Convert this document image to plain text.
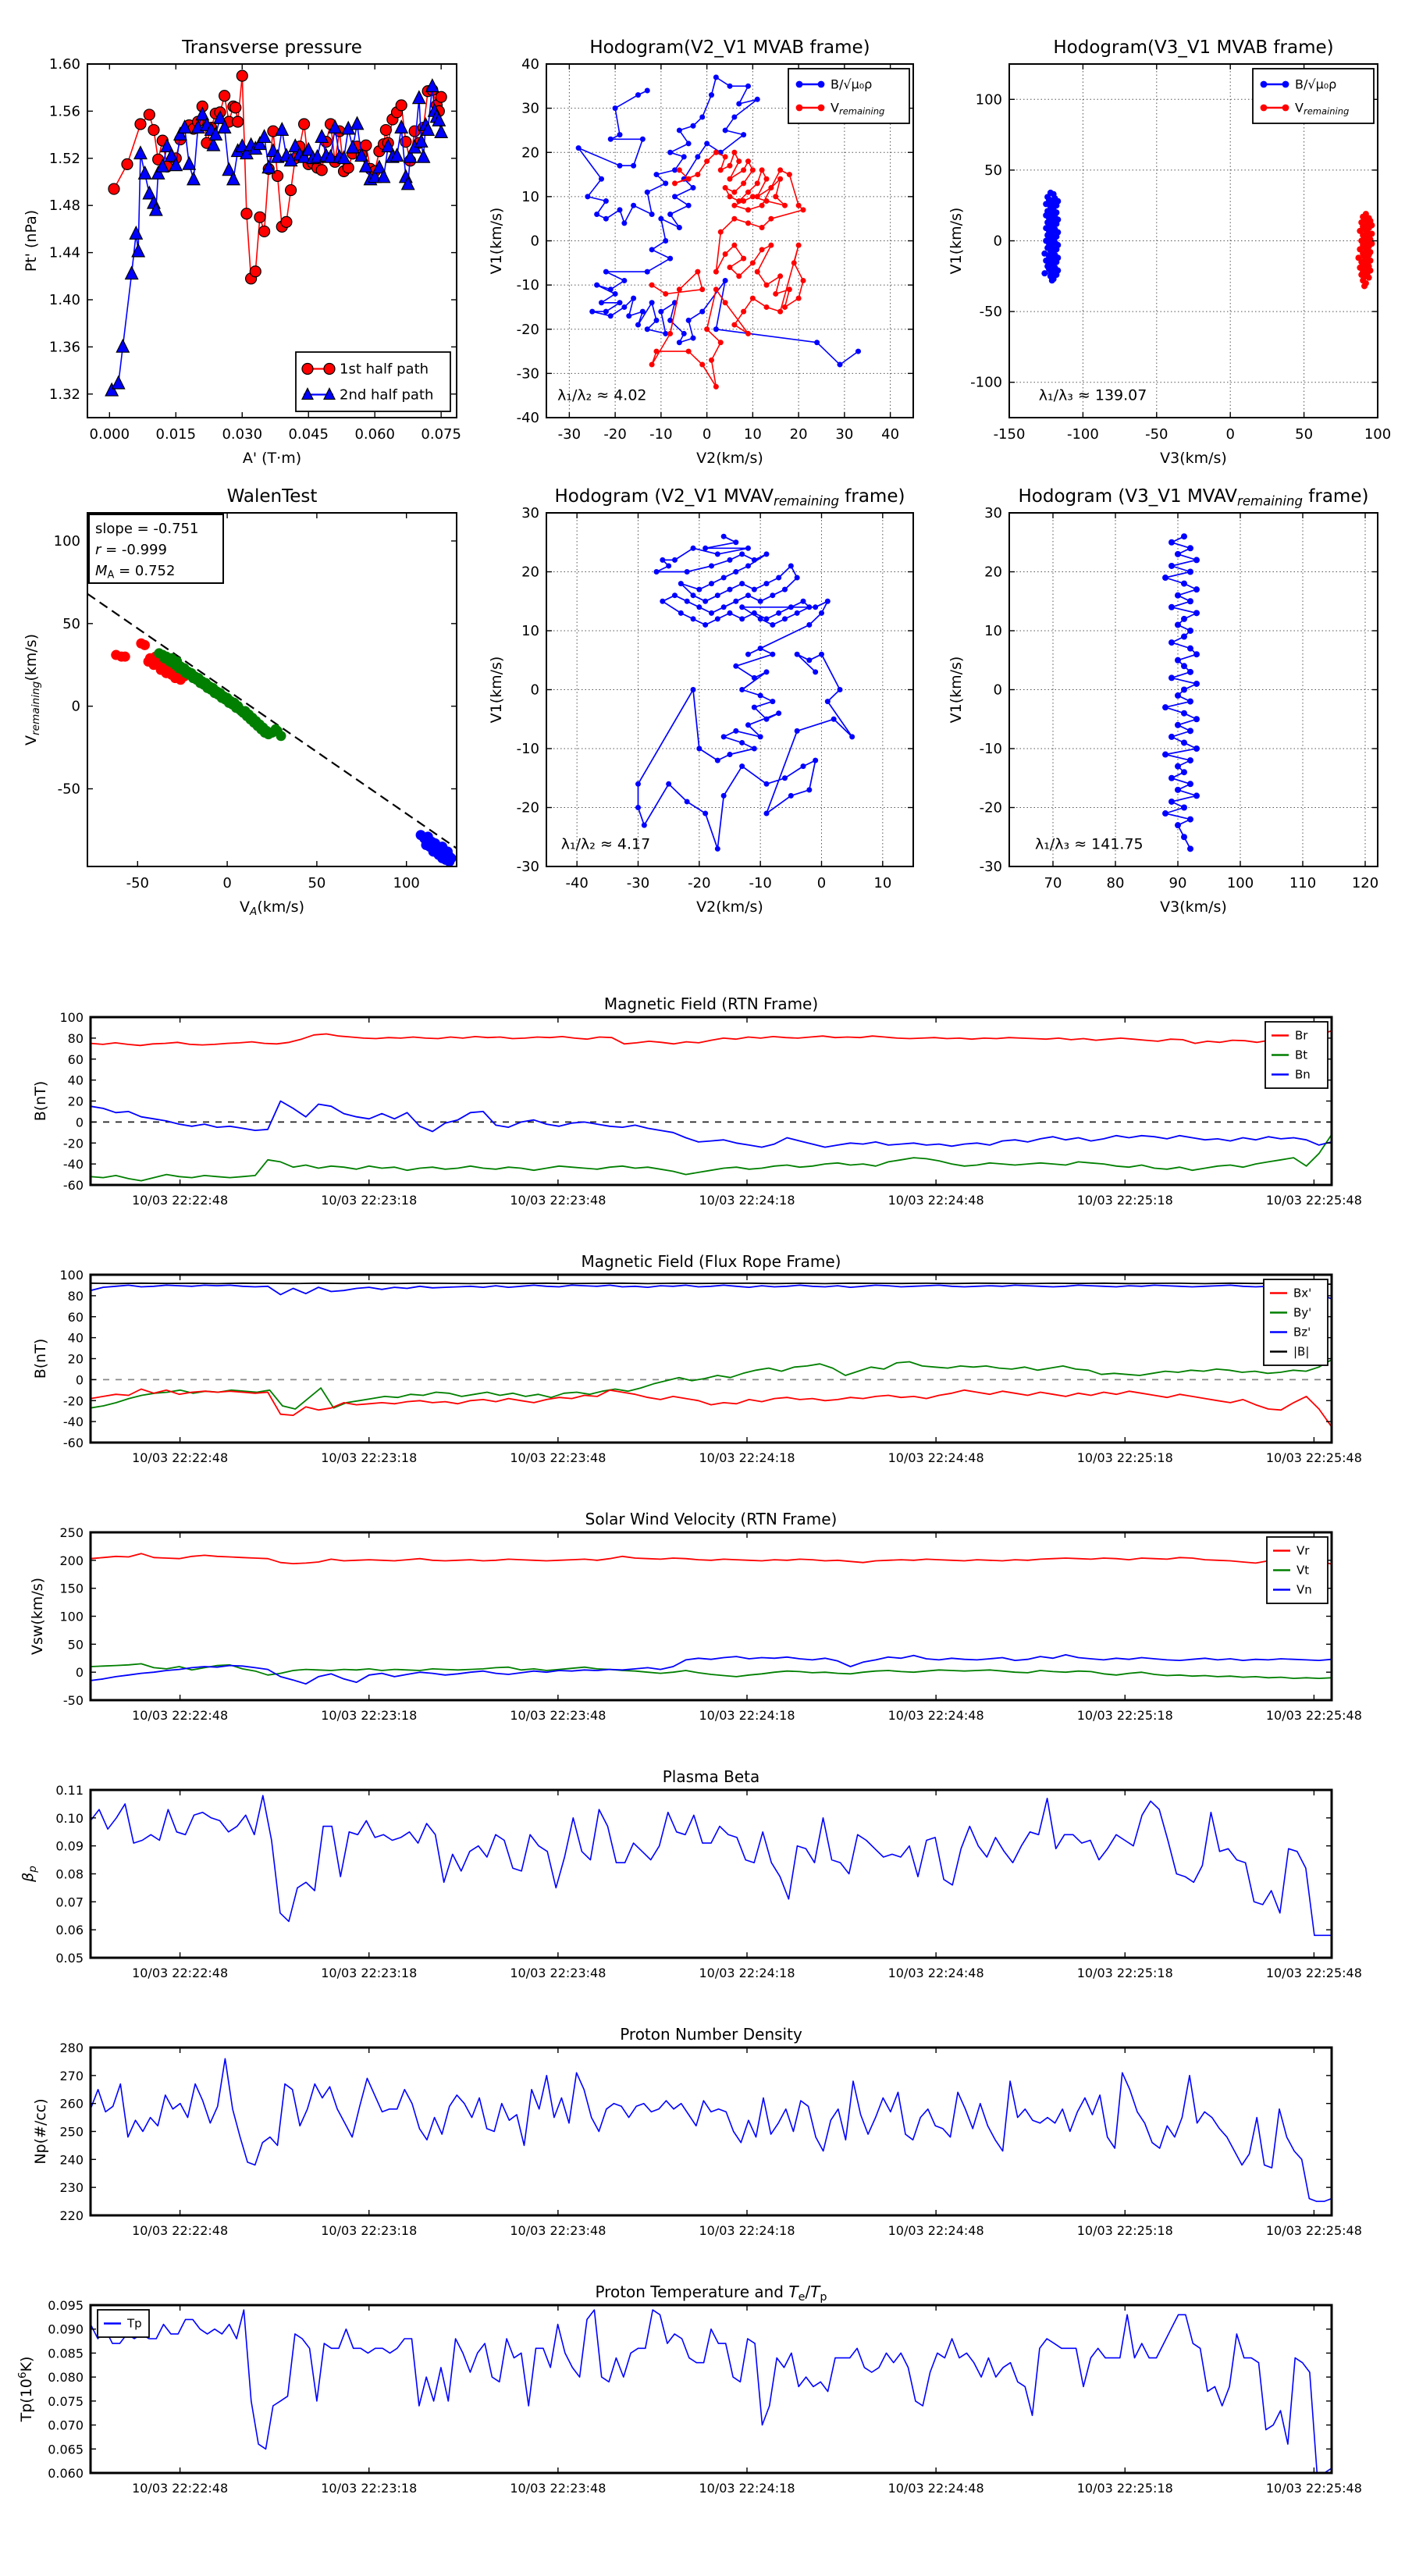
0.000 0.015 0.030 0.045 0.060 0.075
1.32
1.36
1.40
1.44
1.48
1.52
1.56
1.60
Transverse pressure
A' (T·m)
Pt' (nPa)
1st half path
2nd half path
-30 -20 -10 0 10 20 30 40
-40
-30
-20
-10
0
10
20
30
40
Hodogram(V2_V1 MVAB frame)
V2(km/s)
V1(km/s)
B/√μ₀ρ
$V_{remaining}$
λ₁/λ₂ ≈ 4.02
-150	-100	-50	0	50	100
-100
-50
0
50
100
Hodogram(V3_V1 MVAB frame)
V3(km/s)
V1(km/s)
B/√μ₀ρ
$V_{remaining}$
λ₁/λ₃ ≈ 139.07
-50	0	50	100
-50
0
50
100
WalenTest
$V_A(km/s)$
$V_{remaining}(km/s)$
slope = -0.751
r = -0.999
$M_A = 0.752$
-40	-30	-20	-10	0	10
-30
-20
-10
0
10
20
30
Hodogram (V2_V1 $MVAV_{remaining}$ frame)
V2(km/s)
V1(km/s)
λ₁/λ₂ ≈ 4.17
70	80	90	100	110	120
-30
-20
-10
0
10
20
30
Hodogram (V3_V1 $MVAV_{remaining}$ frame)
V3(km/s)
V1(km/s)
λ₁/λ₃ ≈ 141.75
10/03 22:22:48	10/03 22:23:18	10/03 22:23:48	10/03 22:24:18	10/03 22:24:48	10/03 22:25:18	10/03 22:25:48
-60
-40
-20
0
20
40
60
80
100
Magnetic Field (RTN Frame)
B(nT)
Br
Bt
Bn
10/03 22:22:48	10/03 22:23:18	10/03 22:23:48	10/03 22:24:18	10/03 22:24:48	10/03 22:25:18	10/03 22:25:48
-60
-40
-20
0
20
40
60
80
100
Magnetic Field (Flux Rope Frame)
B(nT)
Bx'
By'
Bz'
|B|
10/03 22:22:48	10/03 22:23:18	10/03 22:23:48	10/03 22:24:18	10/03 22:24:48	10/03 22:25:18	10/03 22:25:48
-50
0
50
100
150
200
250
Solar Wind Velocity (RTN Frame)
Vsw(km/s)
Vr
Vt
Vn
10/03 22:22:48	10/03 22:23:18	10/03 22:23:48	10/03 22:24:18	10/03 22:24:48	10/03 22:25:18	10/03 22:25:48
0.05
0.06
0.07
0.08
0.09
0.10
0.11
Plasma Beta
$\beta_p$
10/03 22:22:48	10/03 22:23:18	10/03 22:23:48	10/03 22:24:18	10/03 22:24:48	10/03 22:25:18	10/03 22:25:48
220
230
240
250
260
270
280
Proton Number Density
Np(#/cc)
10/03 22:22:48	10/03 22:23:18	10/03 22:23:48	10/03 22:24:18	10/03 22:24:48	10/03 22:25:18	10/03 22:25:48
0.060
0.065
0.070
0.075
0.080
0.085
0.090
0.095
Proton Temperature and $T_e/T_p$
$Tp(10^6K)$
Tp
